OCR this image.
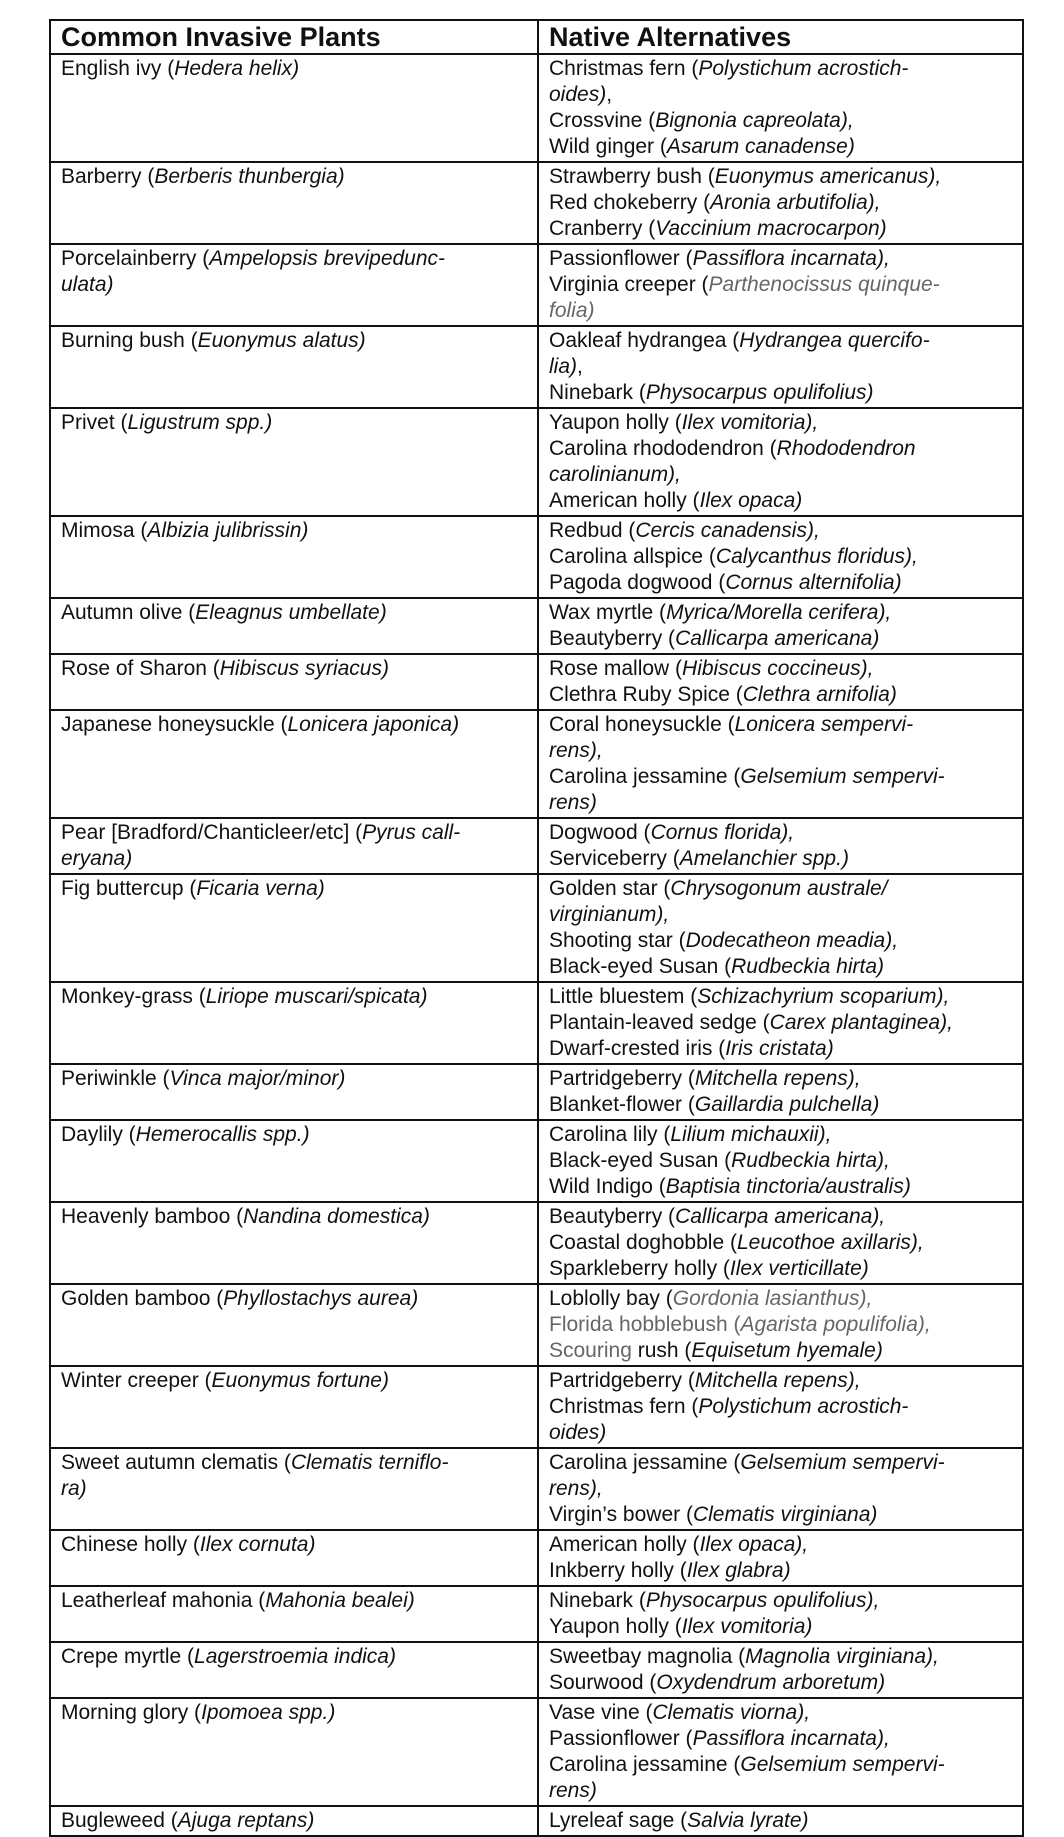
Common Invasive Plants	Native Alternatives

English ivy (Hedera helix)	Christmas fern (Polystichum acrostich-
oides),
Crossvine (Bignonia capreolata),
Wild ginger (Asarum canadense)

Barberry (Berberis thunbergia)	Strawberry bush (Euonymus americanus),
Red chokeberry (Aronia arbutifolia),
Cranberry (Vaccinium macrocarpon)

Porcelainberry (Ampelopsis brevipedunc-
ulata)	Passionflower (Passiflora incarnata),
Virginia creeper (Parthenocissus quinque-
folia)

Burning bush (Euonymus alatus)	Oakleaf hydrangea (Hydrangea quercifo-
lia),
Ninebark (Physocarpus opulifolius)

Privet (Ligustrum spp.)	Yaupon holly (Ilex vomitoria),
Carolina rhododendron (Rhododendron
carolinianum),
American holly (Ilex opaca)

Mimosa (Albizia julibrissin)	Redbud (Cercis canadensis),
Carolina allspice (Calycanthus floridus),
Pagoda dogwood (Cornus alternifolia)

Autumn olive (Eleagnus umbellate)	Wax myrtle (Myrica/Morella cerifera),
Beautyberry (Callicarpa americana)

Rose of Sharon (Hibiscus syriacus)	Rose mallow (Hibiscus coccineus),
Clethra Ruby Spice (Clethra arnifolia)

Japanese honeysuckle (Lonicera japonica)	Coral honeysuckle (Lonicera sempervi-
rens),
Carolina jessamine (Gelsemium sempervi-
rens)

Pear [Bradford/Chanticleer/etc] (Pyrus call-
eryana)	Dogwood (Cornus florida),
Serviceberry (Amelanchier spp.)

Fig buttercup (Ficaria verna)	Golden star (Chrysogonum australe/
virginianum),
Shooting star (Dodecatheon meadia),
Black-eyed Susan (Rudbeckia hirta)

Monkey-grass (Liriope muscari/spicata)	Little bluestem (Schizachyrium scoparium),
Plantain-leaved sedge (Carex plantaginea),
Dwarf-crested iris (Iris cristata)

Periwinkle (Vinca major/minor)	Partridgeberry (Mitchella repens),
Blanket-flower (Gaillardia pulchella)

Daylily (Hemerocallis spp.)	Carolina lily (Lilium michauxii),
Black-eyed Susan (Rudbeckia hirta),
Wild Indigo (Baptisia tinctoria/australis)

Heavenly bamboo (Nandina domestica)	Beautyberry (Callicarpa americana),
Coastal doghobble (Leucothoe axillaris),
Sparkleberry holly (Ilex verticillate)

Golden bamboo (Phyllostachys aurea)	Loblolly bay (Gordonia lasianthus),
Florida hobblebush (Agarista populifolia),
Scouring rush (Equisetum hyemale)

Winter creeper (Euonymus fortune)	Partridgeberry (Mitchella repens),
Christmas fern (Polystichum acrostich-
oides)

Sweet autumn clematis (Clematis terniflo-
ra)	Carolina jessamine (Gelsemium sempervi-
rens),
Virgin’s bower (Clematis virginiana)

Chinese holly (Ilex cornuta)	American holly (Ilex opaca),
Inkberry holly (Ilex glabra)

Leatherleaf mahonia (Mahonia bealei)	Ninebark (Physocarpus opulifolius),
Yaupon holly (Ilex vomitoria)

Crepe myrtle (Lagerstroemia indica)	Sweetbay magnolia (Magnolia virginiana),
Sourwood (Oxydendrum arboretum)

Morning glory (Ipomoea spp.)	Vase vine (Clematis viorna),
Passionflower (Passiflora incarnata),
Carolina jessamine (Gelsemium sempervi-
rens)

Bugleweed (Ajuga reptans)	Lyreleaf sage (Salvia lyrate)
